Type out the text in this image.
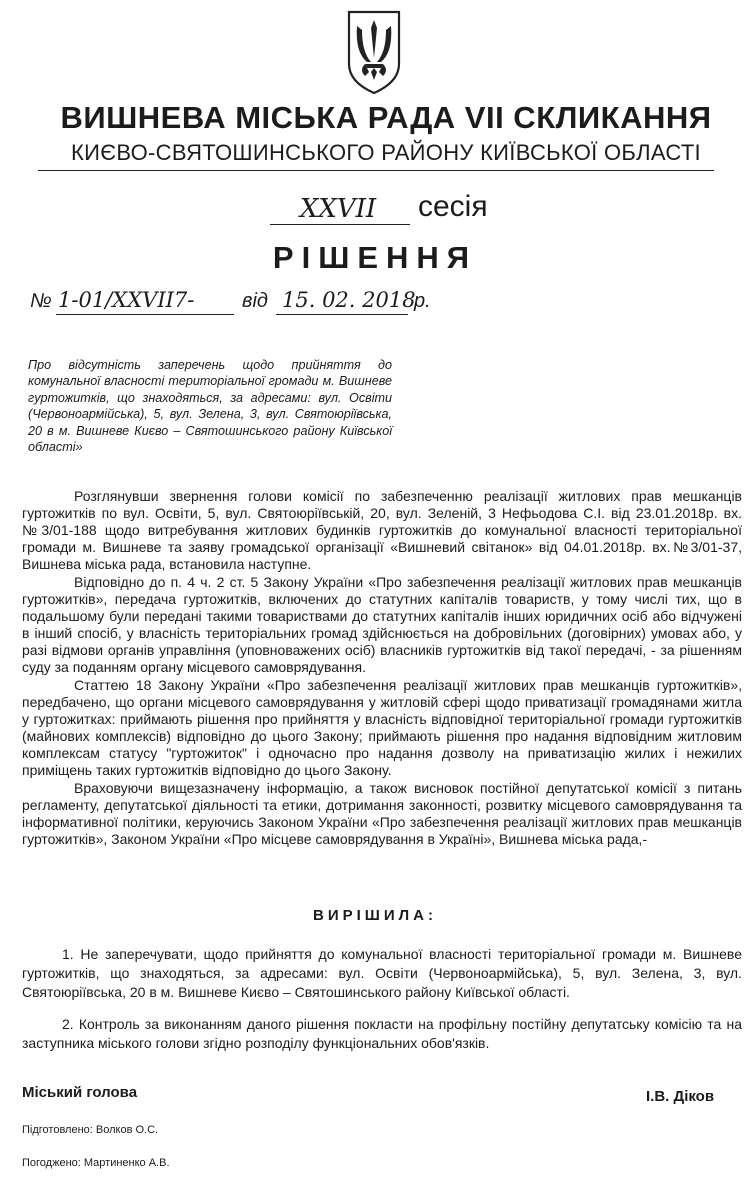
ВИШНЕВА МІСЬКА РАДА VII СКЛИКАННЯ
КИЄВО-СВЯТОШИНСЬКОГО РАЙОНУ КИЇВСЬКОЇ ОБЛАСТІ
XXVII	сесія
РІШЕННЯ
№ 1-01/XXVII7- від 15. 02. 2018
р.
Про відсутність заперечень щодо прийняття до комунальної власності територіальної громади м. Вишневе гуртожитків, що знаходяться, за адресами: вул. Освіти (Червоноармійська), 5, вул. Зелена, 3, вул. Святоюріївська, 20 в м. Вишневе Києво – Святошинського району Київської області»

Розглянувши звернення голови комісії по забезпеченню реалізації житлових прав мешканців гуртожитків по вул. Освіти, 5, вул. Святоюріївській, 20, вул. Зеленій, 3 Нефьодова С.І. від 23.01.2018р. вх.№3/01-188 щодо витребування житлових будинків гуртожитків до комунальної власності територіальної громади м. Вишневе та заяву громадської організації «Вишневий світанок» від 04.01.2018р. вх.№3/01-37, Вишнева міська рада, встановила наступне.

Відповідно до п. 4 ч. 2 ст. 5 Закону України «Про забезпечення реалізації житлових прав мешканців гуртожитків», передача гуртожитків, включених до статутних капіталів товариств, у тому числі тих, що в подальшому були передані такими товариствами до статутних капіталів інших юридичних осіб або відчужені в інший спосіб, у власність територіальних громад здійснюється на добровільних (договірних) умовах або, у разі відмови органів управління (уповноважених осіб) власників гуртожитків від такої передачі, - за рішенням суду за поданням органу місцевого самоврядування.

Статтею 18 Закону України «Про забезпечення реалізації житлових прав мешканців гуртожитків», передбачено, що органи місцевого самоврядування у житловій сфері щодо приватизації громадянами житла у гуртожитках: приймають рішення про прийняття у власність відповідної територіальної громади гуртожитків (майнових комплексів) відповідно до цього Закону; приймають рішення про надання відповідним житловим комплексам статусу "гуртожиток" і одночасно про надання дозволу на приватизацію жилих і нежилих приміщень таких гуртожитків відповідно до цього Закону.

Враховуючи вищезазначену інформацію, а також висновок постійної депутатської комісії з питань регламенту, депутатської діяльності та етики, дотримання законності, розвитку місцевого самоврядування та інформативної політики, керуючись Законом України «Про забезпечення реалізації житлових прав мешканців гуртожитків», Законом України «Про місцеве самоврядування в Україні», Вишнева міська рада,-

ВИРІШИЛА:

1. Не заперечувати, щодо прийняття до комунальної власності територіальної громади м. Вишневе гуртожитків, що знаходяться, за адресами: вул. Освіти (Червоноармійська), 5, вул. Зелена, 3, вул. Святоюріївська, 20 в м. Вишневе Києво – Святошинського району Київської області.

2. Контроль за виконанням даного рішення покласти на профільну постійну депутатську комісію та на заступника міського голови згідно розподілу функціональних обов'язків.

Міський голова	І.В. Діков
Підготовлено: Волков О.С.
Погоджено: Мартиненко А.В.
